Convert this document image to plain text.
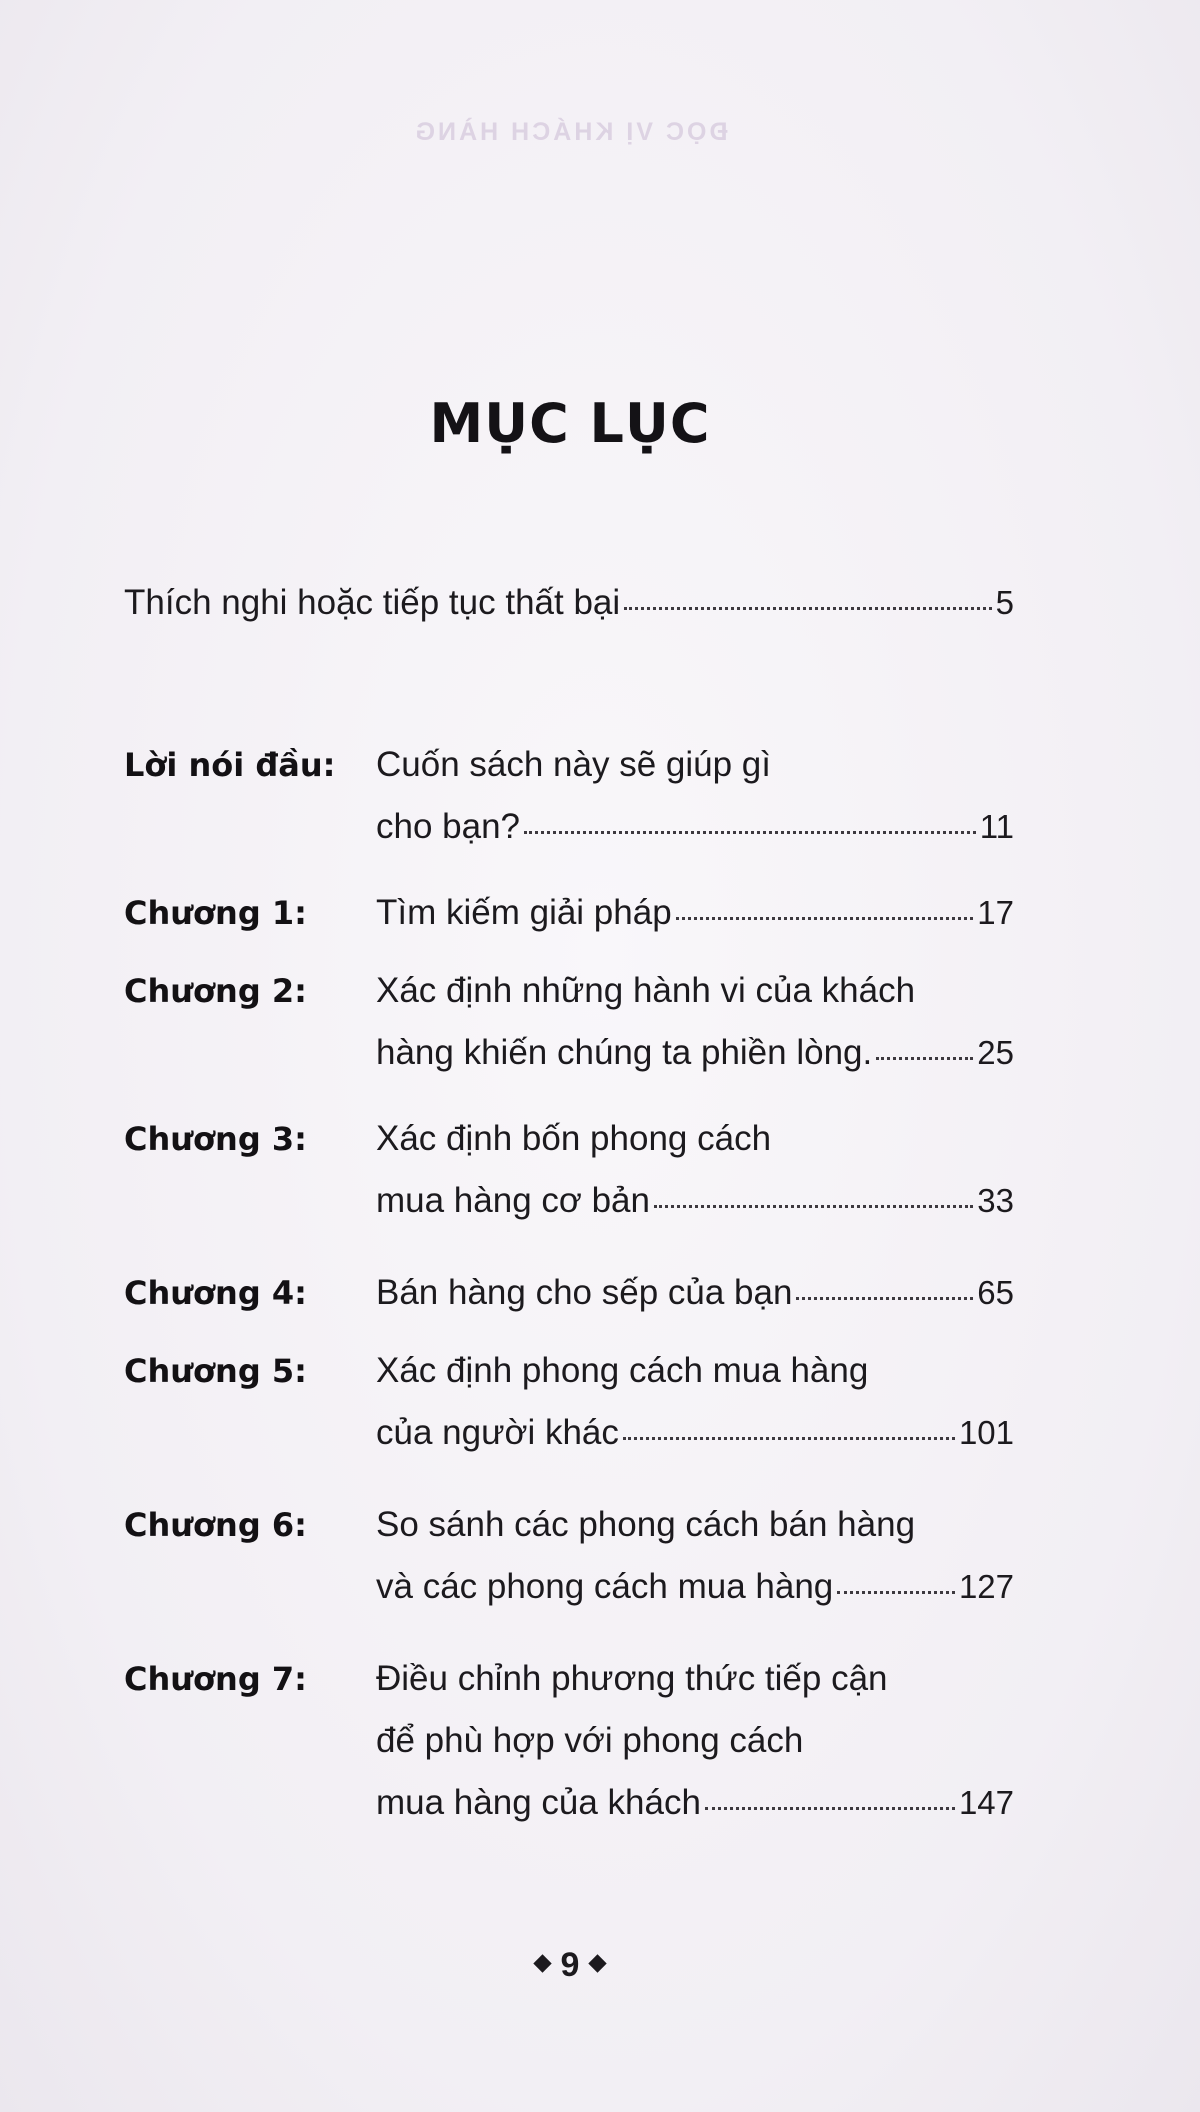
ĐỌC VỊ KHÁCH HÀNG
MỤC LỤC
Thích nghi hoặc tiếp tục thất bại	5
Lời nói đầu:	Cuốn sách này sẽ giúp gì
cho bạn?	11
Chương 1:	Tìm kiếm giải pháp	17
Chương 2:	Xác định những hành vi của khách
hàng khiến chúng ta phiền lòng.	25
Chương 3:	Xác định bốn phong cách
mua hàng cơ bản	33
Chương 4:	Bán hàng cho sếp của bạn	65
Chương 5:	Xác định phong cách mua hàng
của người khác	101
Chương 6:	So sánh các phong cách bán hàng
và các phong cách mua hàng	127
Chương 7:	Điều chỉnh phương thức tiếp cận
để phù hợp với phong cách
mua hàng của khách	147
9
